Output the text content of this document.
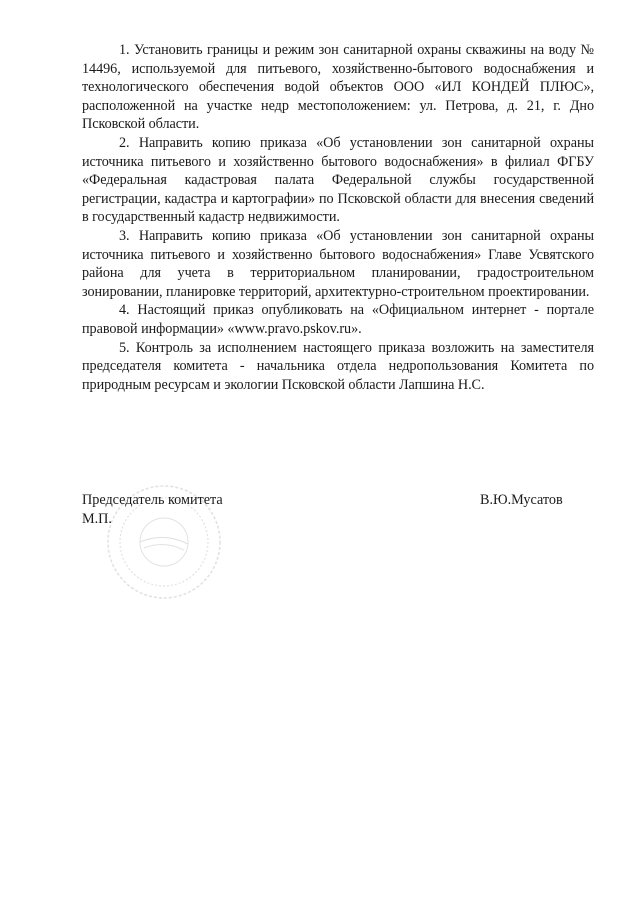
1. Установить границы и режим зон санитарной охраны скважины на воду № 14496, используемой для питьевого, хозяйственно-бытового водоснабжения и технологического обеспечения водой объектов ООО «ИЛ КОНДЕЙ ПЛЮС», расположенной на участке недр местоположением: ул. Петрова, д. 21, г. Дно Псковской области.

2. Направить копию приказа «Об установлении зон санитарной охраны источника питьевого и хозяйственно бытового водоснабжения» в филиал ФГБУ «Федеральная кадастровая палата Федеральной службы государственной регистрации, кадастра и картографии» по Псковской области для внесения сведений в государственный кадастр недвижимости.

3. Направить копию приказа «Об установлении зон санитарной охраны источника питьевого и хозяйственно бытового водоснабжения» Главе Усвятского района для учета в территориальном планировании, градостроительном зонировании, планировке территорий, архитектурно-строительном проектировании.

4. Настоящий приказ опубликовать на «Официальном интернет - портале правовой информации» «www.pravo.pskov.ru».

5. Контроль за исполнением настоящего приказа возложить на заместителя председателя комитета - начальника отдела недропользования Комитета по природным ресурсам и экологии Псковской области Лапшина Н.С.

Председатель комитета
М.П.
В.Ю.Мусатов
